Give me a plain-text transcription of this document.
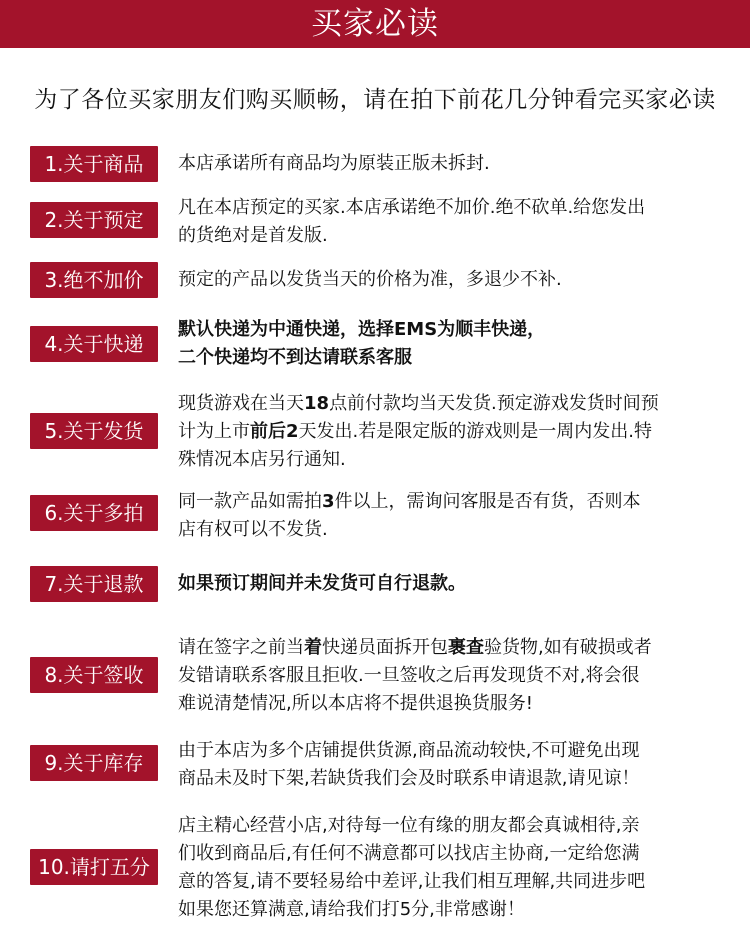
买家必读
为了各位买家朋友们购买顺畅，请在拍下前花几分钟看完买家必读
1.关于商品	本店承诺所有商品均为原装正版未拆封.
2.关于预定
凡在本店预定的买家.本店承诺绝不加价.绝不砍单.给您发出
的货绝对是首发版.
3.绝不加价	预定的产品以发货当天的价格为准，多退少不补.
4.关于快递
默认快递为中通快递，选择EMS为顺丰快递，
二个快递均不到达请联系客服
5.关于发货
现货游戏在当天18点前付款均当天发货.预定游戏发货时间预
计为上市前后2天发出.若是限定版的游戏则是一周内发出.特
殊情况本店另行通知.
6.关于多拍	同一款产品如需拍3件以上，需询问客服是否有货，否则本
店有权可以不发货.
7.关于退款	如果预订期间并未发货可自行退款。
8.关于签收
请在签字之前当着快递员面拆开包裹查验货物,如有破损或者
发错请联系客服且拒收.一旦签收之后再发现货不对,将会很
难说清楚情况,所以本店将不提供退换货服务!
9.关于库存
由于本店为多个店铺提供货源,商品流动较快,不可避免出现
商品未及时下架,若缺货我们会及时联系申请退款,请见谅！
10.请打五分
店主精心经营小店,对待每一位有缘的朋友都会真诚相待,亲
们收到商品后,有任何不满意都可以找店主协商,一定给您满
意的答复,请不要轻易给中差评,让我们相互理解,共同进步吧
如果您还算满意,请给我们打5分,非常感谢！
